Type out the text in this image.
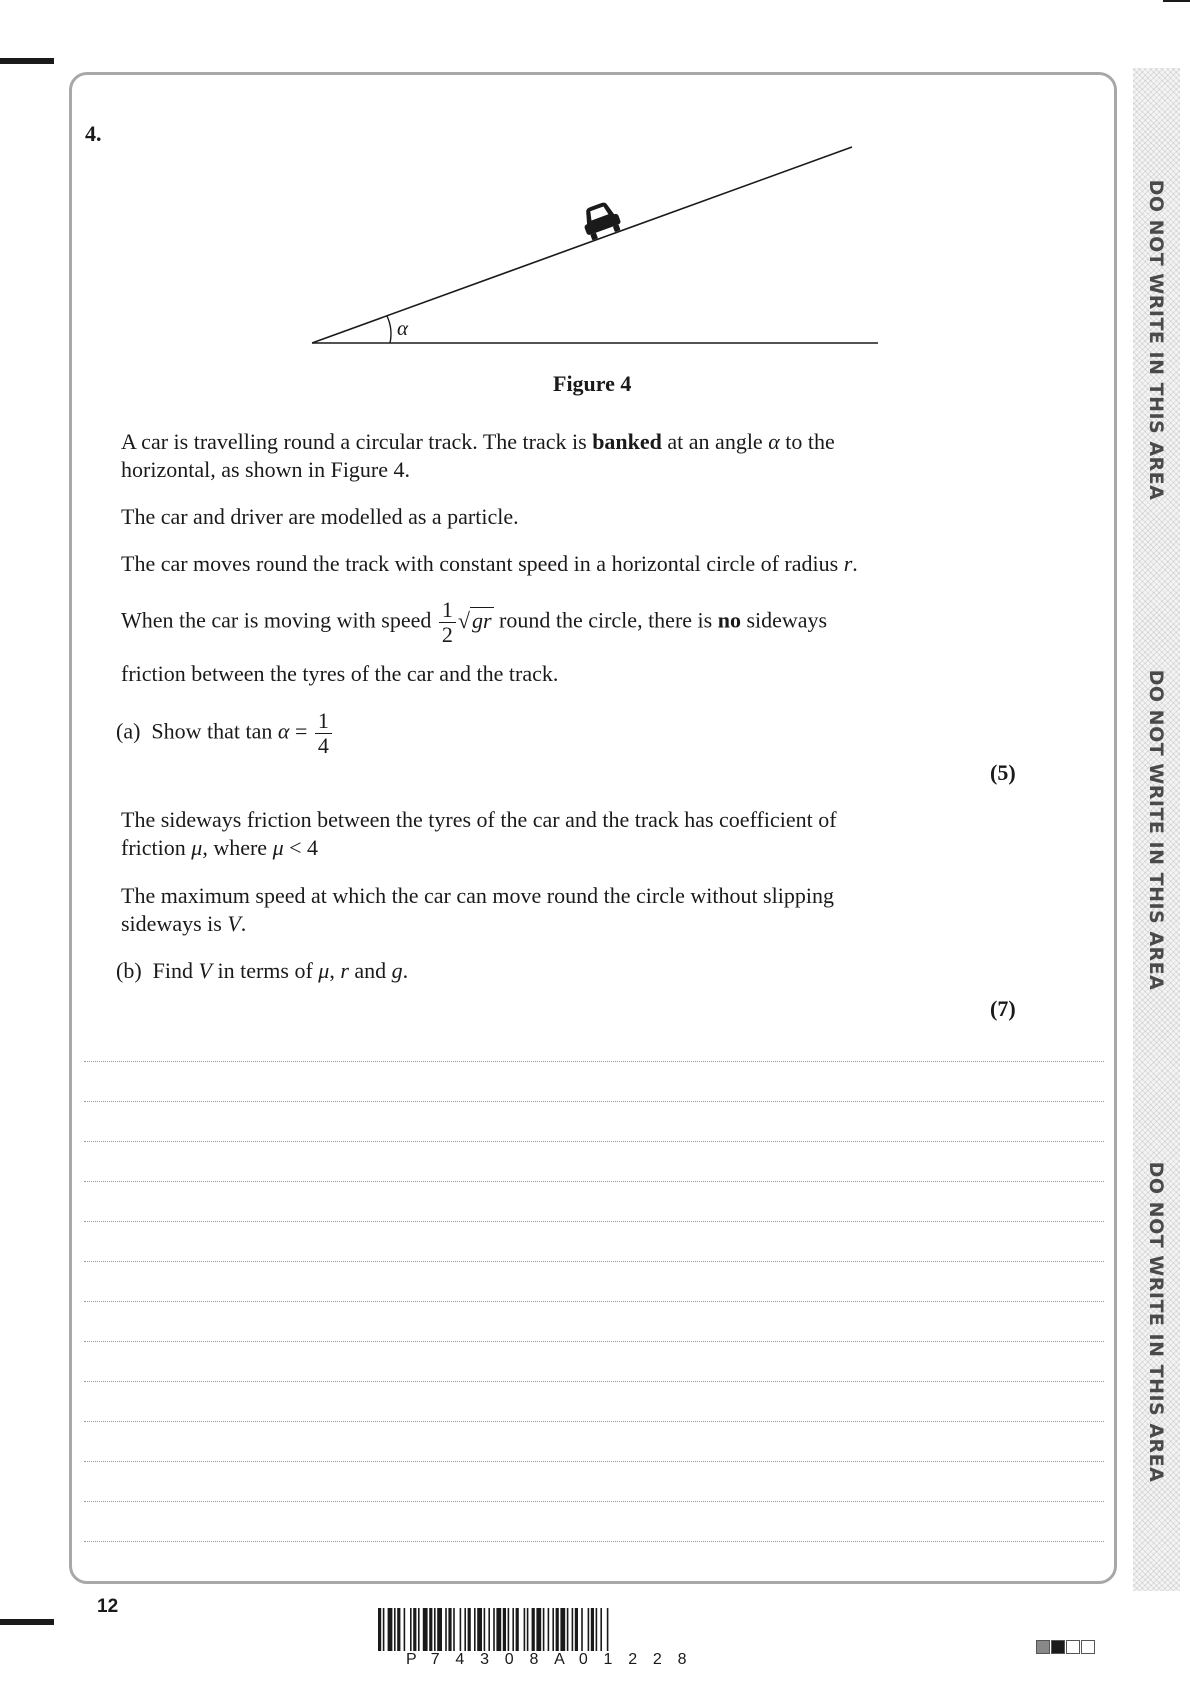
DO NOT WRITE IN THIS AREA
DO NOT WRITE IN THIS AREA
DO NOT WRITE IN THIS AREA
4.
α
Figure 4
A car is travelling round a circular track. The track is banked at an angle α to the
horizontal, as shown in Figure 4.
The car and driver are modelled as a particle.
The car moves round the track with constant speed in a horizontal circle of radius r.
When the car is moving with speed $\frac{1}{2} √gr$ round the circle, there is no sideways
friction between the tyres of the car and the track.
(a) Show that $\tan \alpha = \frac{1}{4}$
(5)
The sideways friction between the tyres of the car and the track has coefficient of
friction μ, where μ < 4
The maximum speed at which the car can move round the circle without slipping
sideways is V.
(b) Find V in terms of μ, r and g.
(7)
12
P 7 4 3 0 8 A 0 1 2 2 8
